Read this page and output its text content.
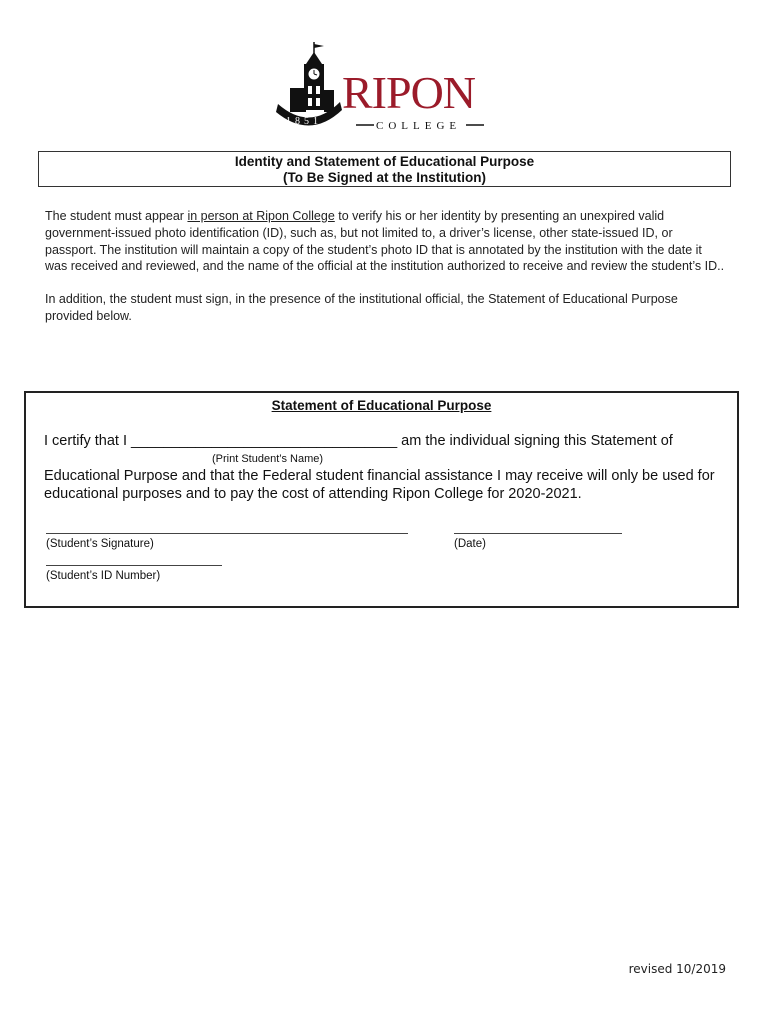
1851
RIPON
COLLEGE
Identity and Statement of Educational Purpose
(To Be Signed at the Institution)

The student must appear in person at Ripon College to verify his or her identity by presenting an unexpired valid government-issued photo identification (ID), such as, but not limited to, a driver’s license, other state-issued ID, or passport. The institution will maintain a copy of the student’s photo ID that is annotated by the institution with the date it was received and reviewed, and the name of the official at the institution authorized to receive and review the student’s ID..

In addition, the student must sign, in the presence of the institutional official, the Statement of Educational Purpose provided below.

Statement of Educational Purpose
I certify that I _________________________________ am the individual signing this Statement of
(Print Student’s Name)
Educational Purpose and that the Federal student financial assistance I may receive will only be used for educational purposes and to pay the cost of attending Ripon College for 2020-2021.
(Student’s Signature)	(Date)
(Student’s ID Number)
revised 10/2019
